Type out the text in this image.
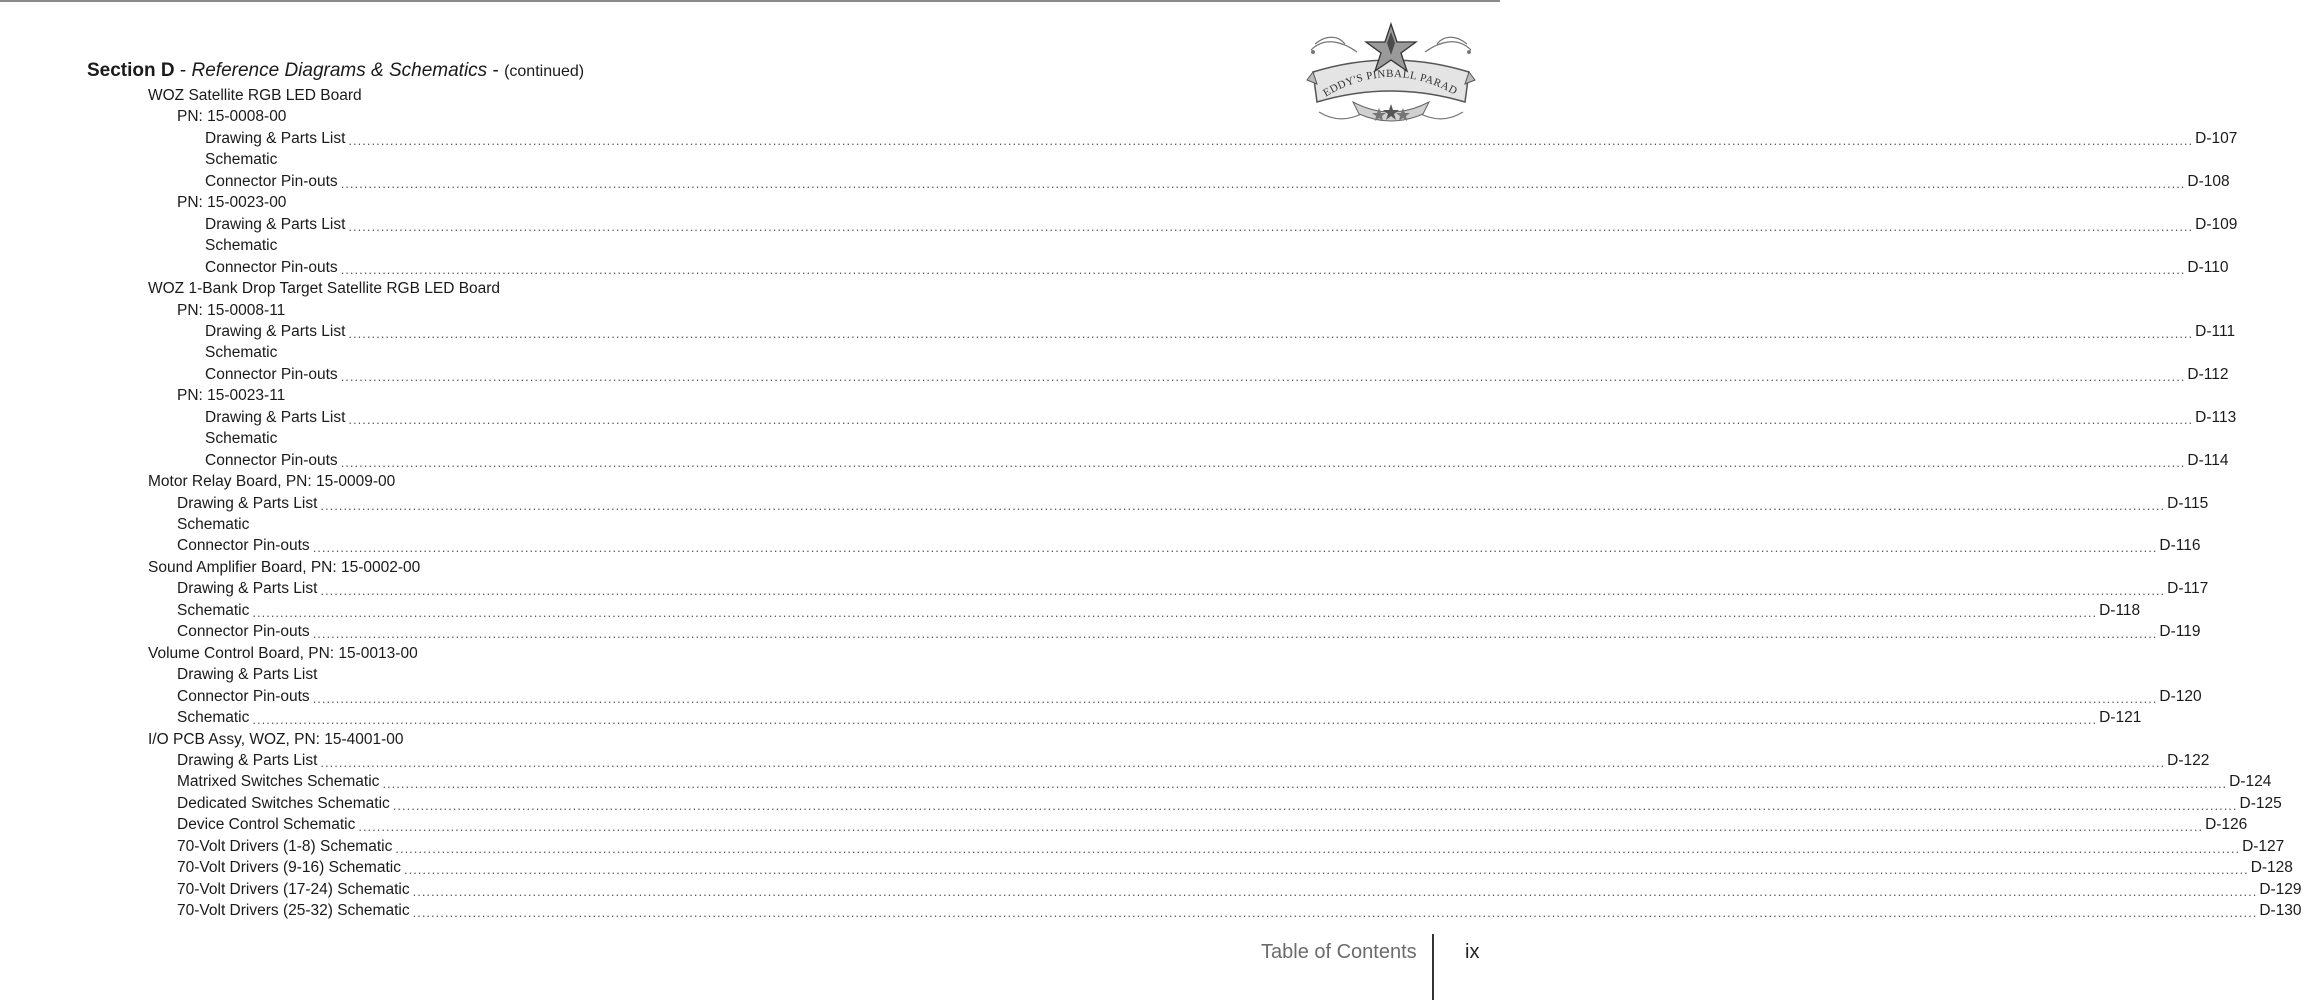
Section D - Reference Diagrams & Schematics - (continued)
EDDY'S PINBALL PARAD
WOZ Satellite RGB LED Board
PN: 15-0008-00
Drawing & Parts List ................................................................................................................................................................................................................................................................................................................................................................................................................ D-107
Schematic
Connector Pin-outs ................................................................................................................................................................................................................................................................................................................................................................................................................ D-108
PN: 15-0023-00
Drawing & Parts List ................................................................................................................................................................................................................................................................................................................................................................................................................ D-109
Schematic
Connector Pin-outs ................................................................................................................................................................................................................................................................................................................................................................................................................ D-110
WOZ 1-Bank Drop Target Satellite RGB LED Board
PN: 15-0008-11
Drawing & Parts List ................................................................................................................................................................................................................................................................................................................................................................................................................ D-111
Schematic
Connector Pin-outs ................................................................................................................................................................................................................................................................................................................................................................................................................ D-112
PN: 15-0023-11
Drawing & Parts List ................................................................................................................................................................................................................................................................................................................................................................................................................ D-113
Schematic
Connector Pin-outs ................................................................................................................................................................................................................................................................................................................................................................................................................ D-114
Motor Relay Board, PN: 15-0009-00
Drawing & Parts List ................................................................................................................................................................................................................................................................................................................................................................................................................ D-115
Schematic
Connector Pin-outs ................................................................................................................................................................................................................................................................................................................................................................................................................ D-116
Sound Amplifier Board, PN: 15-0002-00
Drawing & Parts List ................................................................................................................................................................................................................................................................................................................................................................................................................ D-117
Schematic ................................................................................................................................................................................................................................................................................................................................................................................................................ D-118
Connector Pin-outs ................................................................................................................................................................................................................................................................................................................................................................................................................ D-119
Volume Control Board, PN: 15-0013-00
Drawing & Parts List
Connector Pin-outs ................................................................................................................................................................................................................................................................................................................................................................................................................ D-120
Schematic ................................................................................................................................................................................................................................................................................................................................................................................................................ D-121
I/O PCB Assy, WOZ, PN: 15-4001-00
Drawing & Parts List ................................................................................................................................................................................................................................................................................................................................................................................................................ D-122
Matrixed Switches Schematic ................................................................................................................................................................................................................................................................................................................................................................................................................ D-124
Dedicated Switches Schematic ................................................................................................................................................................................................................................................................................................................................................................................................................ D-125
Device Control Schematic ................................................................................................................................................................................................................................................................................................................................................................................................................ D-126
70-Volt Drivers (1-8) Schematic ................................................................................................................................................................................................................................................................................................................................................................................................................ D-127
70-Volt Drivers (9-16) Schematic ................................................................................................................................................................................................................................................................................................................................................................................................................ D-128
70-Volt Drivers (17-24) Schematic ................................................................................................................................................................................................................................................................................................................................................................................................................ D-129
70-Volt Drivers (25-32) Schematic ................................................................................................................................................................................................................................................................................................................................................................................................................ D-130
Table of Contents ix
